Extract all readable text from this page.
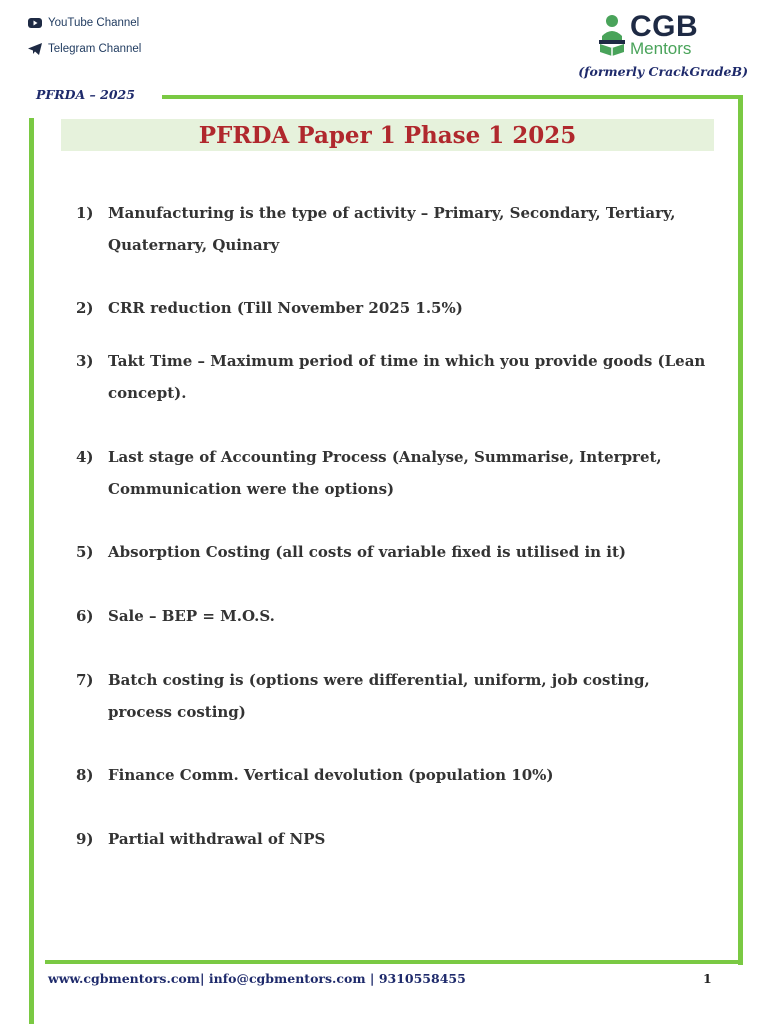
YouTube Channel
Telegram Channel
CGB
Mentors
(formerly CrackGradeB)
PFRDA – 2025
PFRDA Paper 1 Phase 1 2025
1) Manufacturing is the type of activity – Primary, Secondary, Tertiary, Quaternary, Quinary
2) CRR reduction (Till November 2025 1.5%)
3) Takt Time – Maximum period of time in which you provide goods (Lean concept).
4) Last stage of Accounting Process (Analyse, Summarise, Interpret, Communication were the options)
5) Absorption Costing (all costs of variable fixed is utilised in it)
6) Sale – BEP = M.O.S.
7) Batch costing is (options were differential, uniform, job costing, process costing)
8) Finance Comm. Vertical devolution (population 10%)
9) Partial withdrawal of NPS
www.cgbmentors.com| info@cgbmentors.com | 9310558455	1
